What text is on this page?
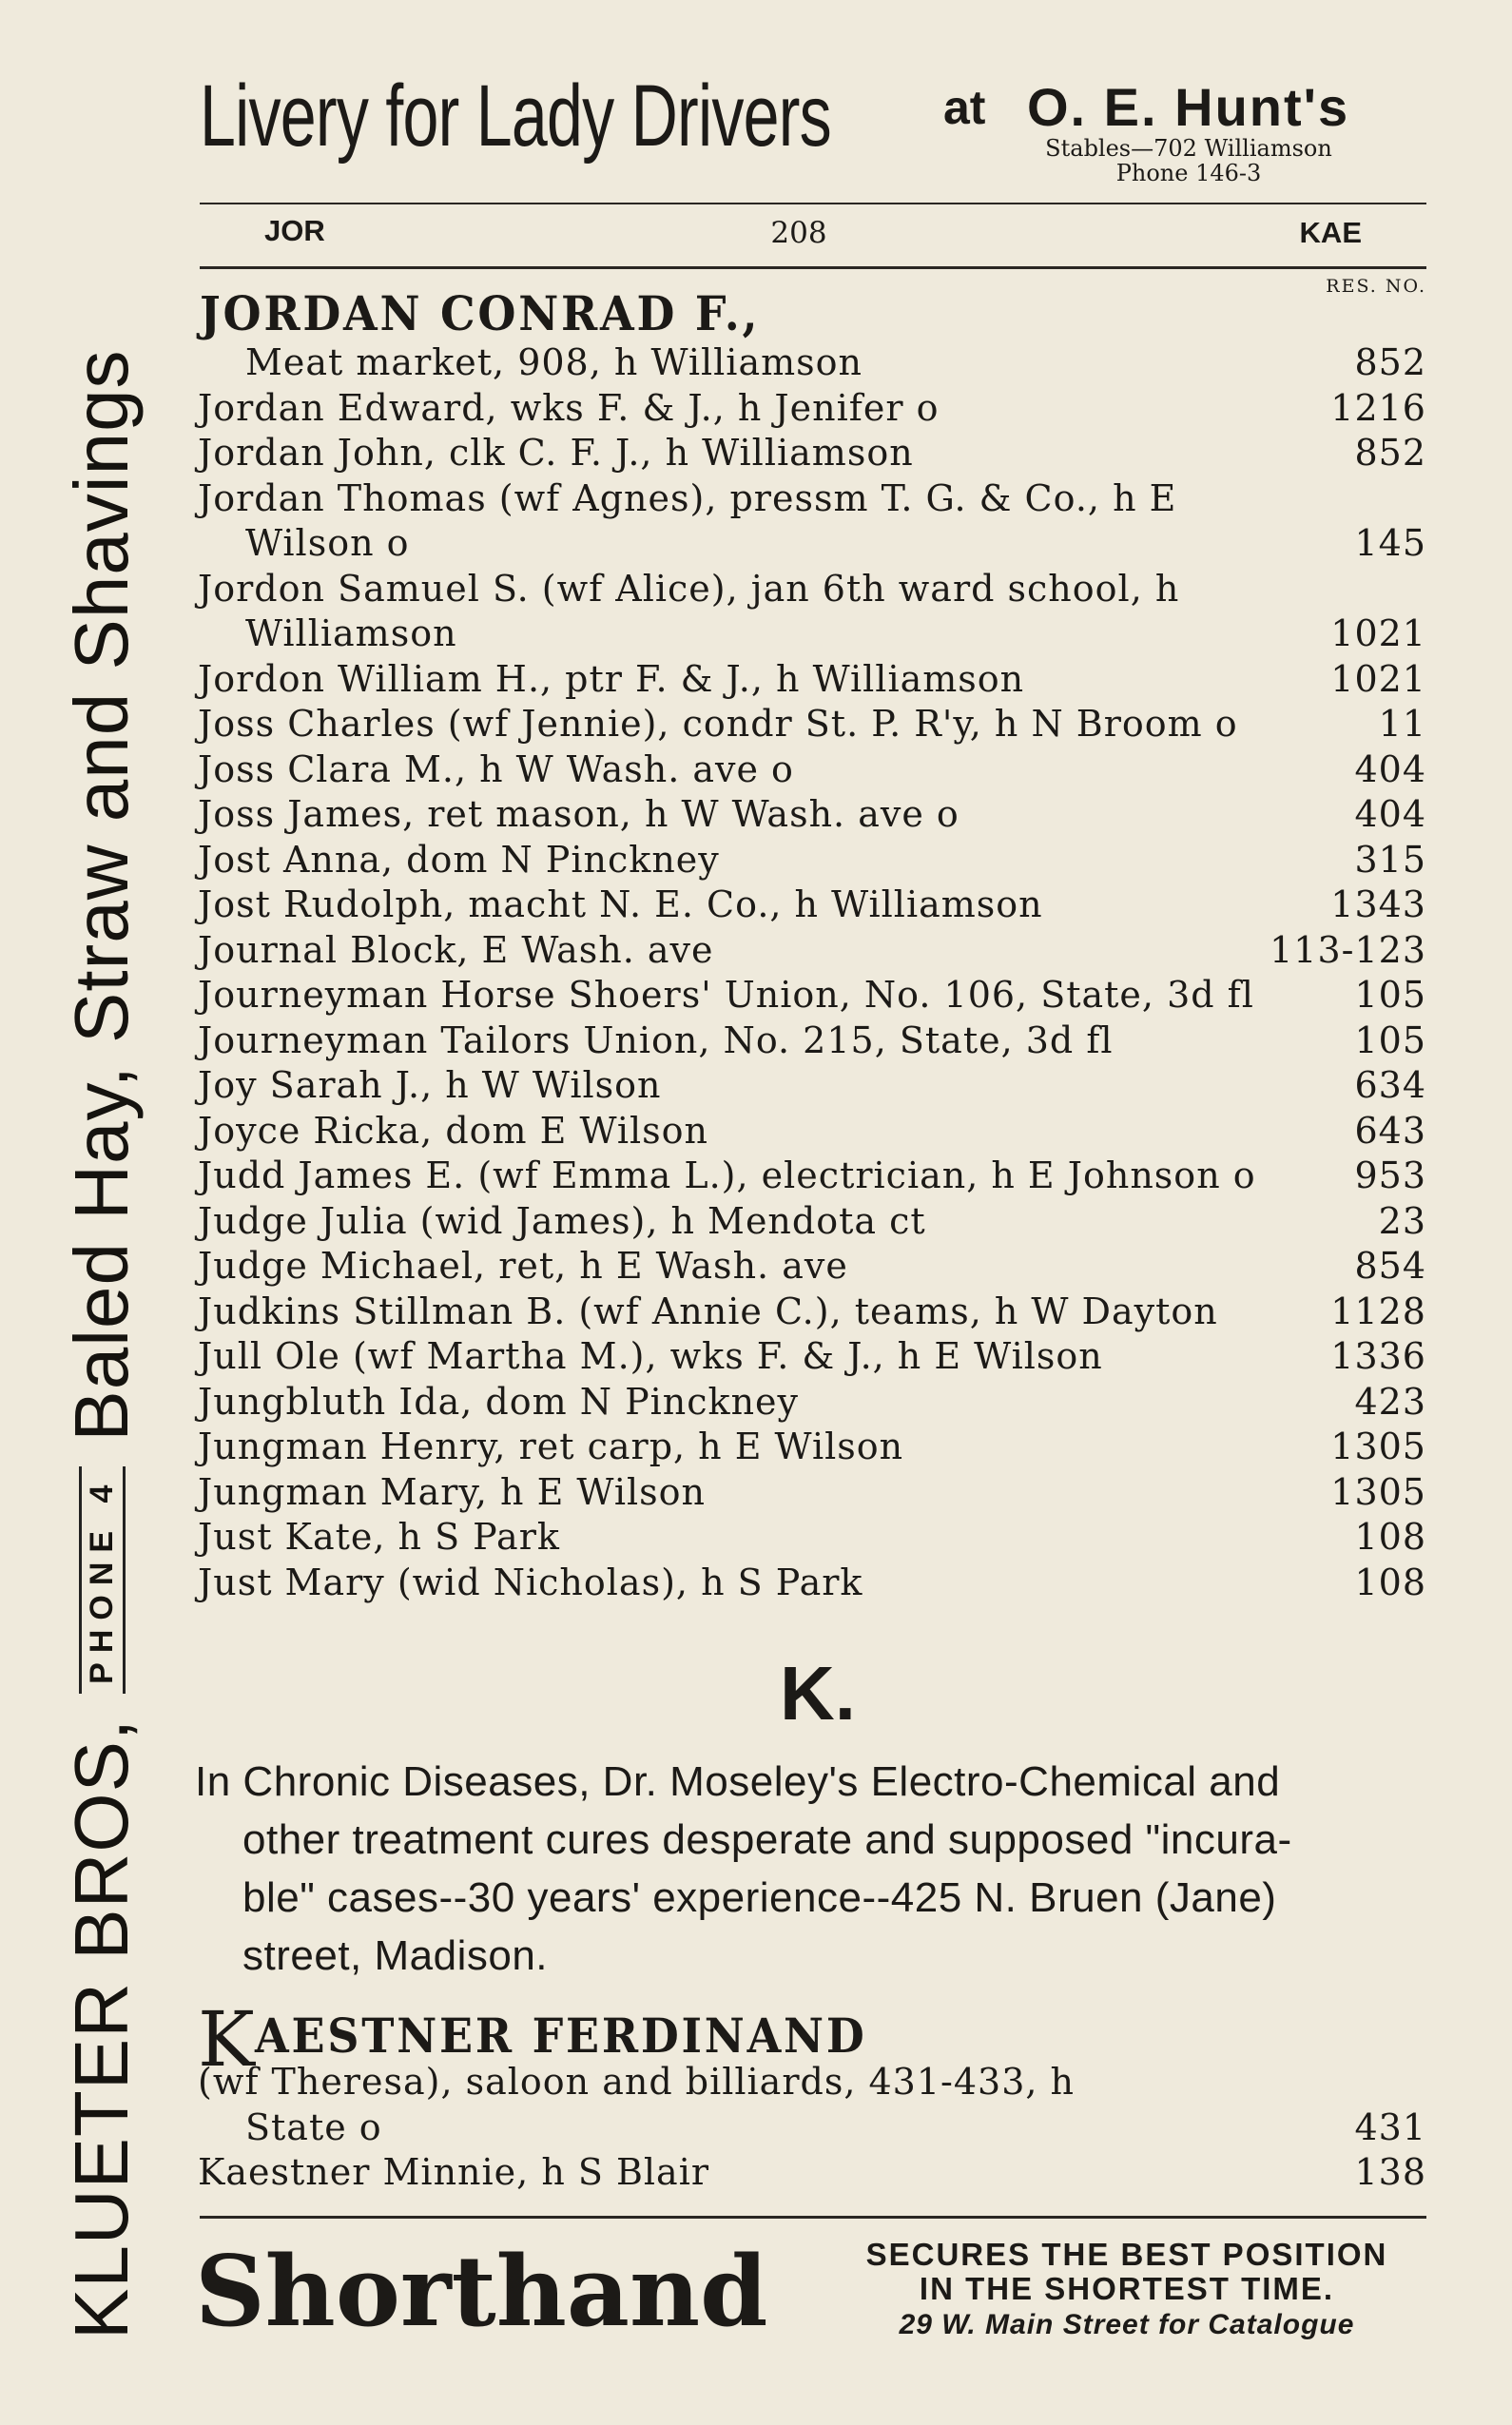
KLUETER BROS,
PHONE 4
Baled Hay, Straw and Shavings
Livery for Lady Drivers at O. E. Hunt's
Stables—702 Williamson
Phone 146-3
JOR	208	KAE
RES. NO.
JORDAN CONRAD F.,
Meat market, 908, h Williamson	852
Jordan Edward, wks F. & J., h Jenifer o	1216
Jordan John, clk C. F. J., h Williamson	852
Jordan Thomas (wf Agnes), pressm T. G. & Co., h E
Wilson o	145
Jordon Samuel S. (wf Alice), jan 6th ward school, h
Williamson	1021
Jordon William H., ptr F. & J., h Williamson	1021
Joss Charles (wf Jennie), condr St. P. R'y, h N Broom o	11
Joss Clara M., h W Wash. ave o	404
Joss James, ret mason, h W Wash. ave o	404
Jost Anna, dom N Pinckney	315
Jost Rudolph, macht N. E. Co., h Williamson	1343
Journal Block, E Wash. ave	113-123
Journeyman Horse Shoers' Union, No. 106, State, 3d fl	105
Journeyman Tailors Union, No. 215, State, 3d fl	105
Joy Sarah J., h W Wilson	634
Joyce Ricka, dom E Wilson	643
Judd James E. (wf Emma L.), electrician, h E Johnson o	953
Judge Julia (wid James), h Mendota ct	23
Judge Michael, ret, h E Wash. ave	854
Judkins Stillman B. (wf Annie C.), teams, h W Dayton	1128
Jull Ole (wf Martha M.), wks F. & J., h E Wilson	1336
Jungbluth Ida, dom N Pinckney	423
Jungman Henry, ret carp, h E Wilson	1305
Jungman Mary, h E Wilson	1305
Just Kate, h S Park	108
Just Mary (wid Nicholas), h S Park	108
K.
In Chronic Diseases, Dr. Moseley's Electro-Chemical and
other treatment cures desperate and supposed "incura-
ble" cases--30 years' experience--425 N. Bruen (Jane)
street, Madison.
KAESTNER FERDINAND
(wf Theresa), saloon and billiards, 431-433, h
State o	431
Kaestner Minnie, h S Blair	138
Shorthand	SECURES THE BEST POSITION
IN THE SHORTEST TIME.
29 W. Main Street for Catalogue
